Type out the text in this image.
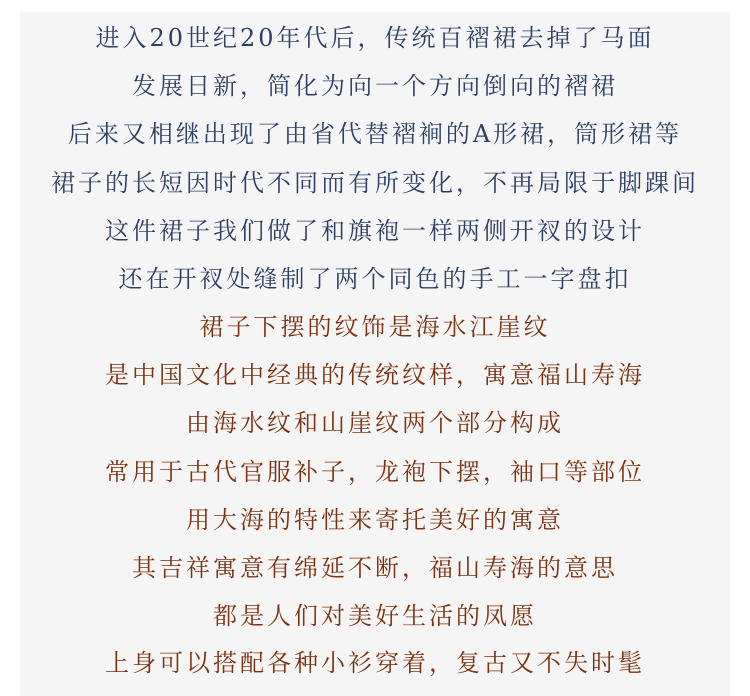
进入20世纪20年代后，传统百褶裙去掉了马面
发展日新，简化为向一个方向倒向的褶裙
后来又相继出现了由省代替褶裥的A形裙，筒形裙等
裙子的长短因时代不同而有所变化，不再局限于脚踝间
这件裙子我们做了和旗袍一样两侧开衩的设计
还在开衩处缝制了两个同色的手工一字盘扣
裙子下摆的纹饰是海水江崖纹
是中国文化中经典的传统纹样，寓意福山寿海
由海水纹和山崖纹两个部分构成
常用于古代官服补子，龙袍下摆，袖口等部位
用大海的特性来寄托美好的寓意
其吉祥寓意有绵延不断，福山寿海的意思
都是人们对美好生活的凤愿
上身可以搭配各种小衫穿着，复古又不失时髦
